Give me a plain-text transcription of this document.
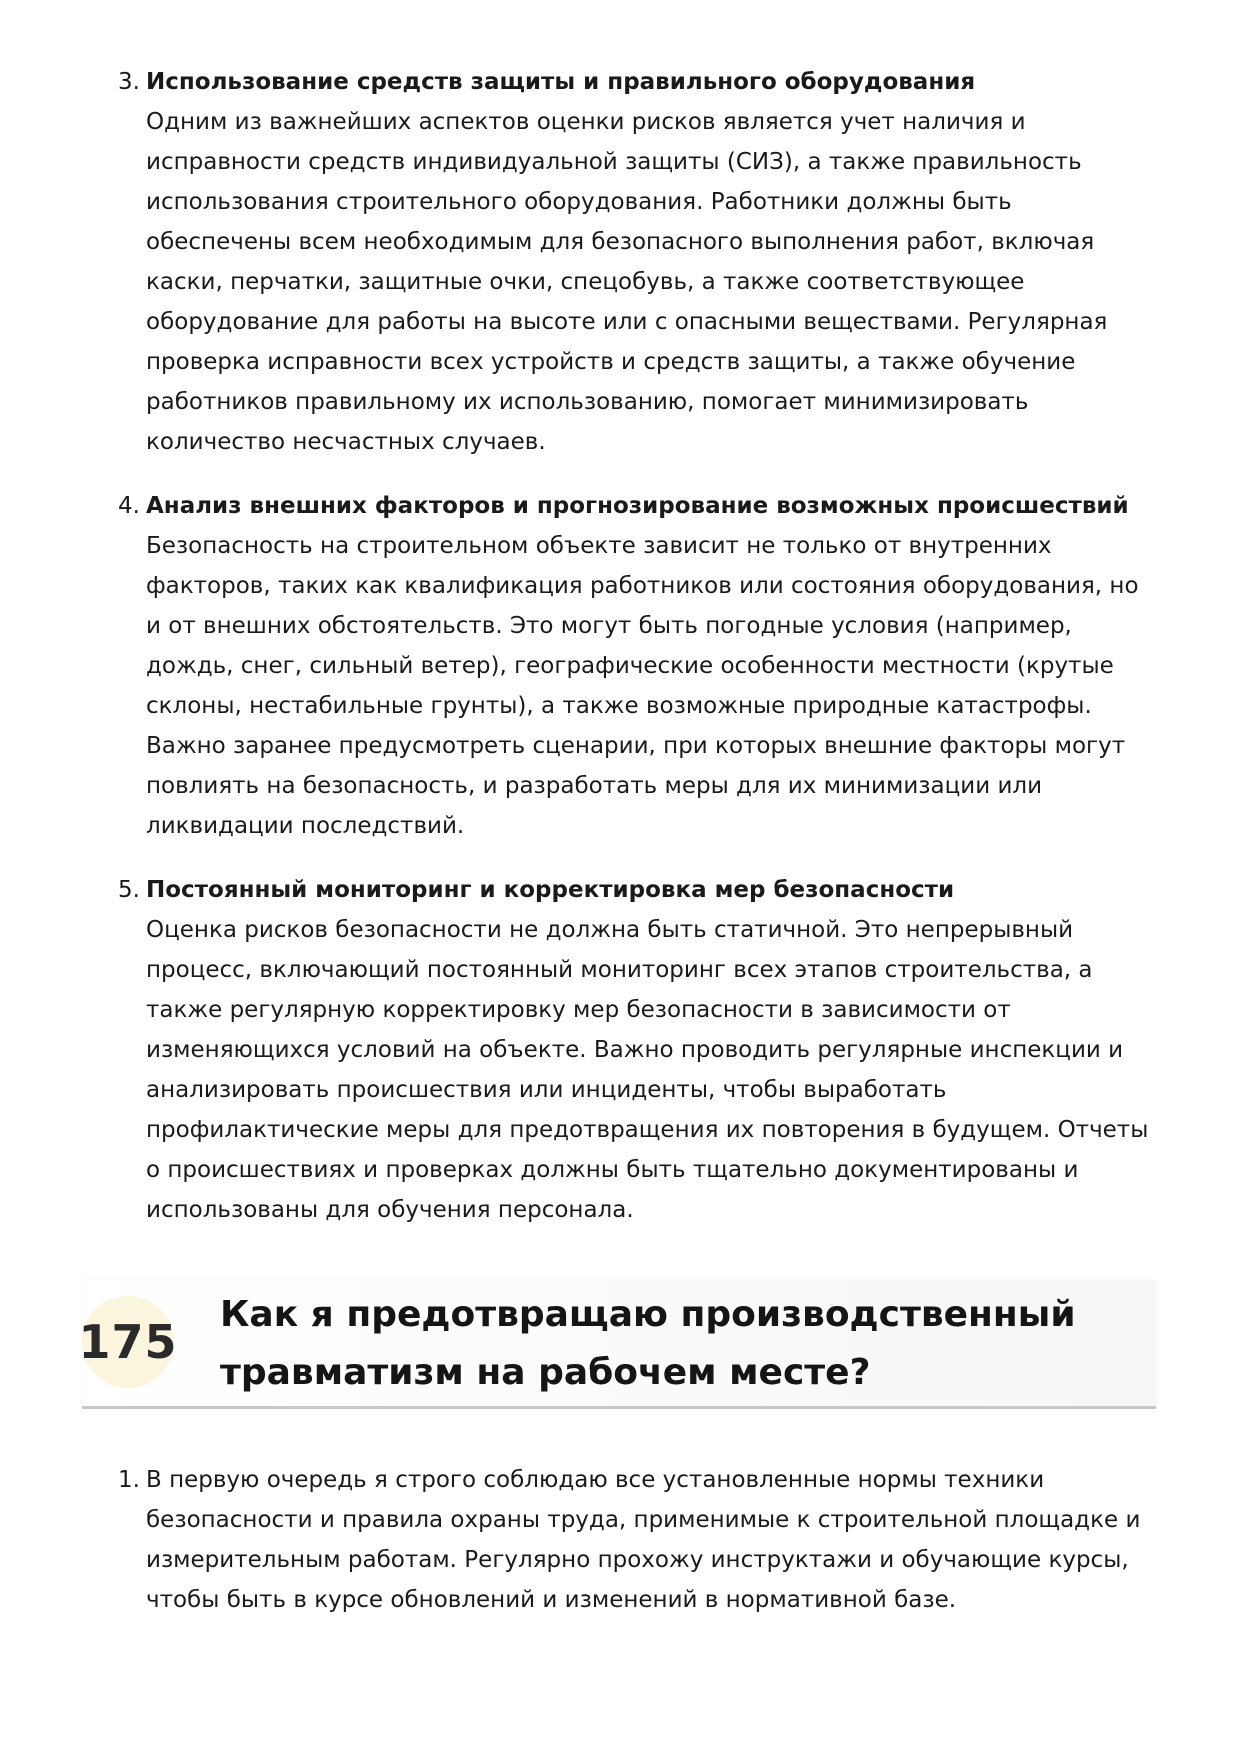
3. Использование средств защиты и правильного оборудования
Одним из важнейших аспектов оценки рисков является учет наличия и исправности средств индивидуальной защиты (СИЗ), а также правильность использования строительного оборудования. Работники должны быть обеспечены всем необходимым для безопасного выполнения работ, включая каски, перчатки, защитные очки, спецобувь, а также соответствующее оборудование для работы на высоте или с опасными веществами. Регулярная проверка исправности всех устройств и средств защиты, а также обучение работников правильному их использованию, помогает минимизировать количество несчастных случаев.
4. Анализ внешних факторов и прогнозирование возможных происшествий
Безопасность на строительном объекте зависит не только от внутренних факторов, таких как квалификация работников или состояния оборудования, но и от внешних обстоятельств. Это могут быть погодные условия (например, дождь, снег, сильный ветер), географические особенности местности (крутые склоны, нестабильные грунты), а также возможные природные катастрофы. Важно заранее предусмотреть сценарии, при которых внешние факторы могут повлиять на безопасность, и разработать меры для их минимизации или ликвидации последствий.
5. Постоянный мониторинг и корректировка мер безопасности
Оценка рисков безопасности не должна быть статичной. Это непрерывный процесс, включающий постоянный мониторинг всех этапов строительства, а также регулярную корректировку мер безопасности в зависимости от изменяющихся условий на объекте. Важно проводить регулярные инспекции и анализировать происшествия или инциденты, чтобы выработать профилактические меры для предотвращения их повторения в будущем. Отчеты о происшествиях и проверках должны быть тщательно документированы и использованы для обучения персонала.
175
Как я предотвращаю производственный травматизм на рабочем месте?
1. В первую очередь я строго соблюдаю все установленные нормы техники безопасности и правила охраны труда, применимые к строительной площадке и измерительным работам. Регулярно прохожу инструктажи и обучающие курсы, чтобы быть в курсе обновлений и изменений в нормативной базе.
